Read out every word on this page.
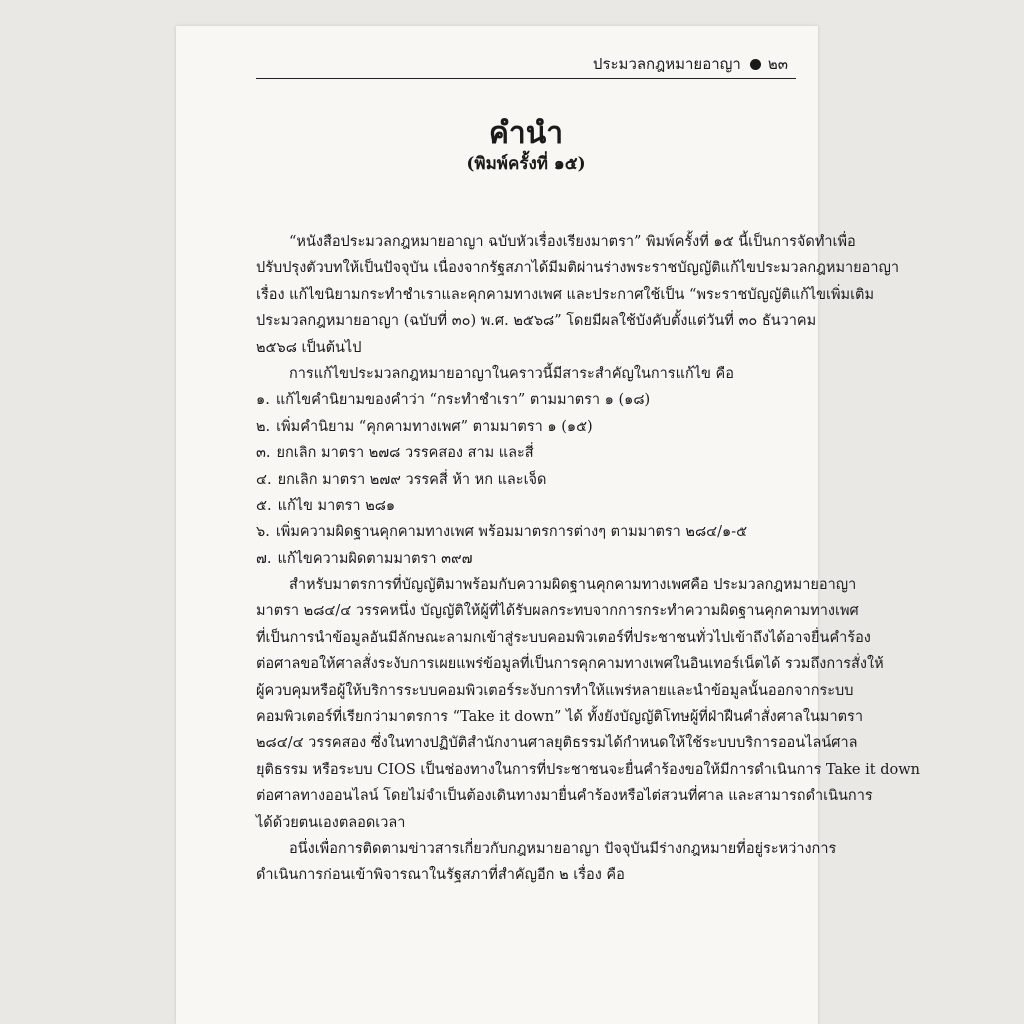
ประมวลกฎหมายอาญา ๒๓
คำนำ
(พิมพ์ครั้งที่ ๑๕)
“หนังสือประมวลกฎหมายอาญา ฉบับหัวเรื่องเรียงมาตรา” พิมพ์ครั้งที่ ๑๕ นี้เป็นการจัดทำเพื่อ
ปรับปรุงตัวบทให้เป็นปัจจุบัน เนื่องจากรัฐสภาได้มีมติผ่านร่างพระราชบัญญัติแก้ไขประมวลกฎหมายอาญา
เรื่อง แก้ไขนิยามกระทำชำเราและคุกคามทางเพศ และประกาศใช้เป็น “พระราชบัญญัติแก้ไขเพิ่มเติม
ประมวลกฎหมายอาญา (ฉบับที่ ๓๐) พ.ศ. ๒๕๖๘” โดยมีผลใช้บังคับตั้งแต่วันที่ ๓๐ ธันวาคม
๒๕๖๘ เป็นต้นไป
การแก้ไขประมวลกฎหมายอาญาในคราวนี้มีสาระสำคัญในการแก้ไข คือ
๑. แก้ไขคำนิยามของคำว่า “กระทำชำเรา” ตามมาตรา ๑ (๑๘)
๒. เพิ่มคำนิยาม “คุกคามทางเพศ” ตามมาตรา ๑ (๑๕)
๓. ยกเลิก มาตรา ๒๗๘ วรรคสอง สาม และสี่
๔. ยกเลิก มาตรา ๒๗๙ วรรคสี่ ห้า หก และเจ็ด
๕. แก้ไข มาตรา ๒๘๑
๖. เพิ่มความผิดฐานคุกคามทางเพศ พร้อมมาตรการต่างๆ ตามมาตรา ๒๘๔/๑-๕
๗. แก้ไขความผิดตามมาตรา ๓๙๗
สำหรับมาตรการที่บัญญัติมาพร้อมกับความผิดฐานคุกคามทางเพศคือ ประมวลกฎหมายอาญา
มาตรา ๒๘๔/๔ วรรคหนึ่ง บัญญัติให้ผู้ที่ได้รับผลกระทบจากการกระทำความผิดฐานคุกคามทางเพศ
ที่เป็นการนำข้อมูลอันมีลักษณะลามกเข้าสู่ระบบคอมพิวเตอร์ที่ประชาชนทั่วไปเข้าถึงได้อาจยื่นคำร้อง
ต่อศาลขอให้ศาลสั่งระงับการเผยแพร่ข้อมูลที่เป็นการคุกคามทางเพศในอินเทอร์เน็ตได้ รวมถึงการสั่งให้
ผู้ควบคุมหรือผู้ให้บริการระบบคอมพิวเตอร์ระงับการทำให้แพร่หลายและนำข้อมูลนั้นออกจากระบบ
คอมพิวเตอร์ที่เรียกว่ามาตรการ “Take it down” ได้ ทั้งยังบัญญัติโทษผู้ที่ฝ่าฝืนคำสั่งศาลในมาตรา
๒๘๔/๔ วรรคสอง ซึ่งในทางปฏิบัติสำนักงานศาลยุติธรรมได้กำหนดให้ใช้ระบบบริการออนไลน์ศาล
ยุติธรรม หรือระบบ CIOS เป็นช่องทางในการที่ประชาชนจะยื่นคำร้องขอให้มีการดำเนินการ Take it down
ต่อศาลทางออนไลน์ โดยไม่จำเป็นต้องเดินทางมายื่นคำร้องหรือไต่สวนที่ศาล และสามารถดำเนินการ
ได้ด้วยตนเองตลอดเวลา
อนึ่งเพื่อการติดตามข่าวสารเกี่ยวกับกฎหมายอาญา ปัจจุบันมีร่างกฎหมายที่อยู่ระหว่างการ
ดำเนินการก่อนเข้าพิจารณาในรัฐสภาที่สำคัญอีก ๒ เรื่อง คือ
